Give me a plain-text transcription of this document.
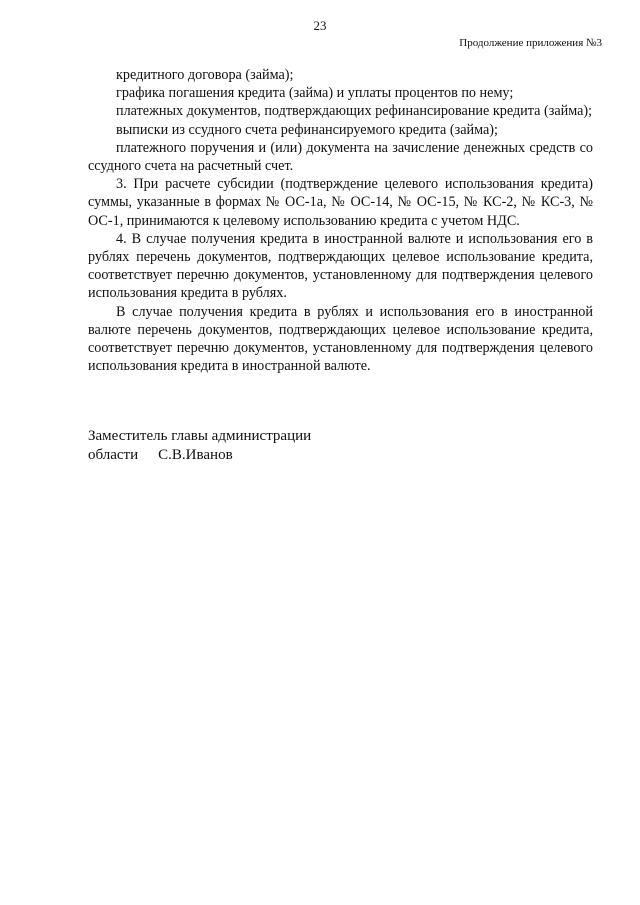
23
Продолжение приложения №3

кредитного договора (займа);

графика погашения кредита (займа) и уплаты процентов по нему;

платежных документов, подтверждающих рефинансирование кредита (займа);

выписки из ссудного счета рефинансируемого кредита (займа);

платежного поручения и (или) документа на зачисление денежных средств со ссудного счета на расчетный счет.

3. При расчете субсидии (подтверждение целевого использования кредита) суммы, указанные в формах № ОС-1а, № ОС-14, № ОС-15, № КС-2, № КС-3, № ОС-1, принимаются к целевому использованию кредита с учетом НДС.

4. В случае получения кредита в иностранной валюте и использования его в рублях перечень документов, подтверждающих целевое использование кредита, соответствует перечню документов, установленному для подтверждения целевого использования кредита в рублях.

В случае получения кредита в рублях и использования его в иностранной валюте перечень документов, подтверждающих целевое использование кредита, соответствует перечню документов, установленному для подтверждения целевого использования кредита в иностранной валюте.

Заместитель главы администрации
области С.В.Иванов
